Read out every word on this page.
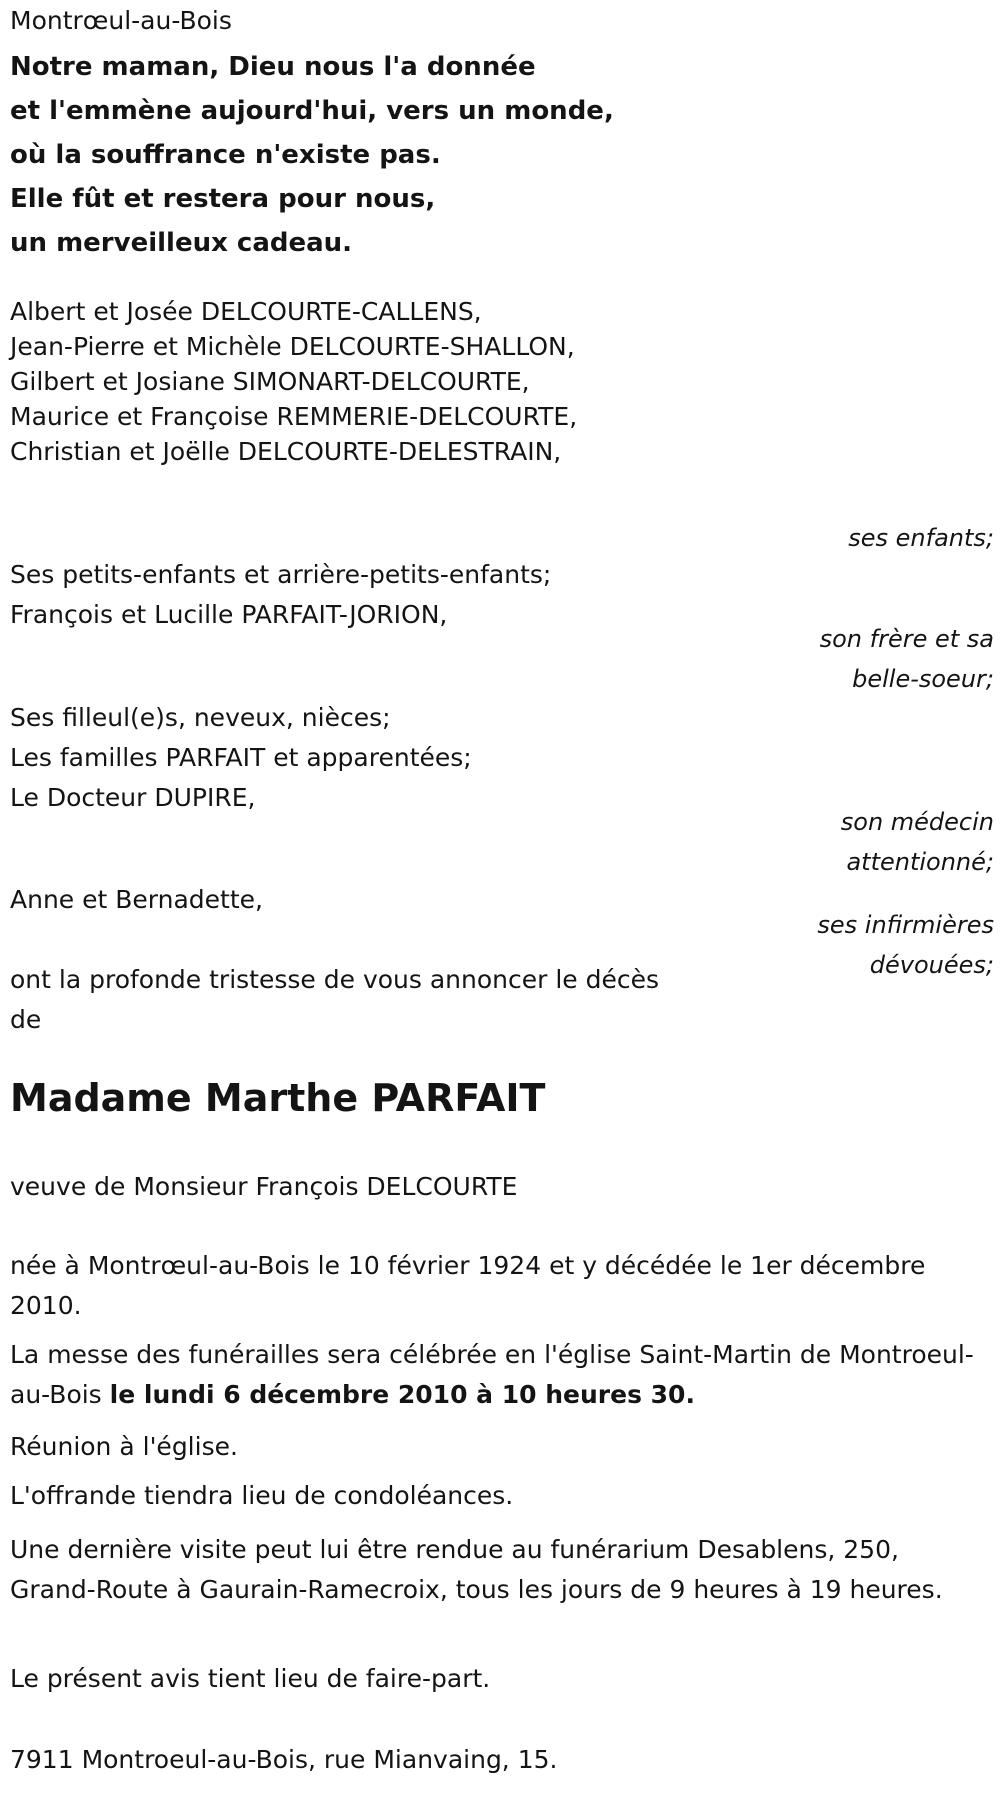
Montrœul-au-Bois
Notre maman, Dieu nous l'a donnée
et l'emmène aujourd'hui, vers un monde,
où la souffrance n'existe pas.
Elle fût et restera pour nous,
un merveilleux cadeau.
Albert et Josée DELCOURTE-CALLENS,
Jean-Pierre et Michèle DELCOURTE-SHALLON,
Gilbert et Josiane SIMONART-DELCOURTE,
Maurice et Françoise REMMERIE-DELCOURTE,
Christian et Joëlle DELCOURTE-DELESTRAIN,
ses enfants;
Ses petits-enfants et arrière-petits-enfants;
François et Lucille PARFAIT-JORION,
son frère et sa
belle-soeur;
Ses filleul(e)s, neveux, nièces;
Les familles PARFAIT et apparentées;
Le Docteur DUPIRE,
son médecin
attentionné;
Anne et Bernadette,
ses infirmières
dévouées;
ont la profonde tristesse de vous annoncer le décès
de
Madame Marthe PARFAIT
veuve de Monsieur François DELCOURTE
née à Montrœul-au-Bois le 10 février 1924 et y décédée le 1er décembre 2010.
La messe des funérailles sera célébrée en l'église Saint-Martin de Montroeul-au-Bois le lundi 6 décembre 2010 à 10 heures 30.
Réunion à l'église.
L'offrande tiendra lieu de condoléances.
Une dernière visite peut lui être rendue au funérarium Desablens, 250, Grand-Route à Gaurain-Ramecroix, tous les jours de 9 heures à 19 heures.
Le présent avis tient lieu de faire-part.
7911 Montroeul-au-Bois, rue Mianvaing, 15.
